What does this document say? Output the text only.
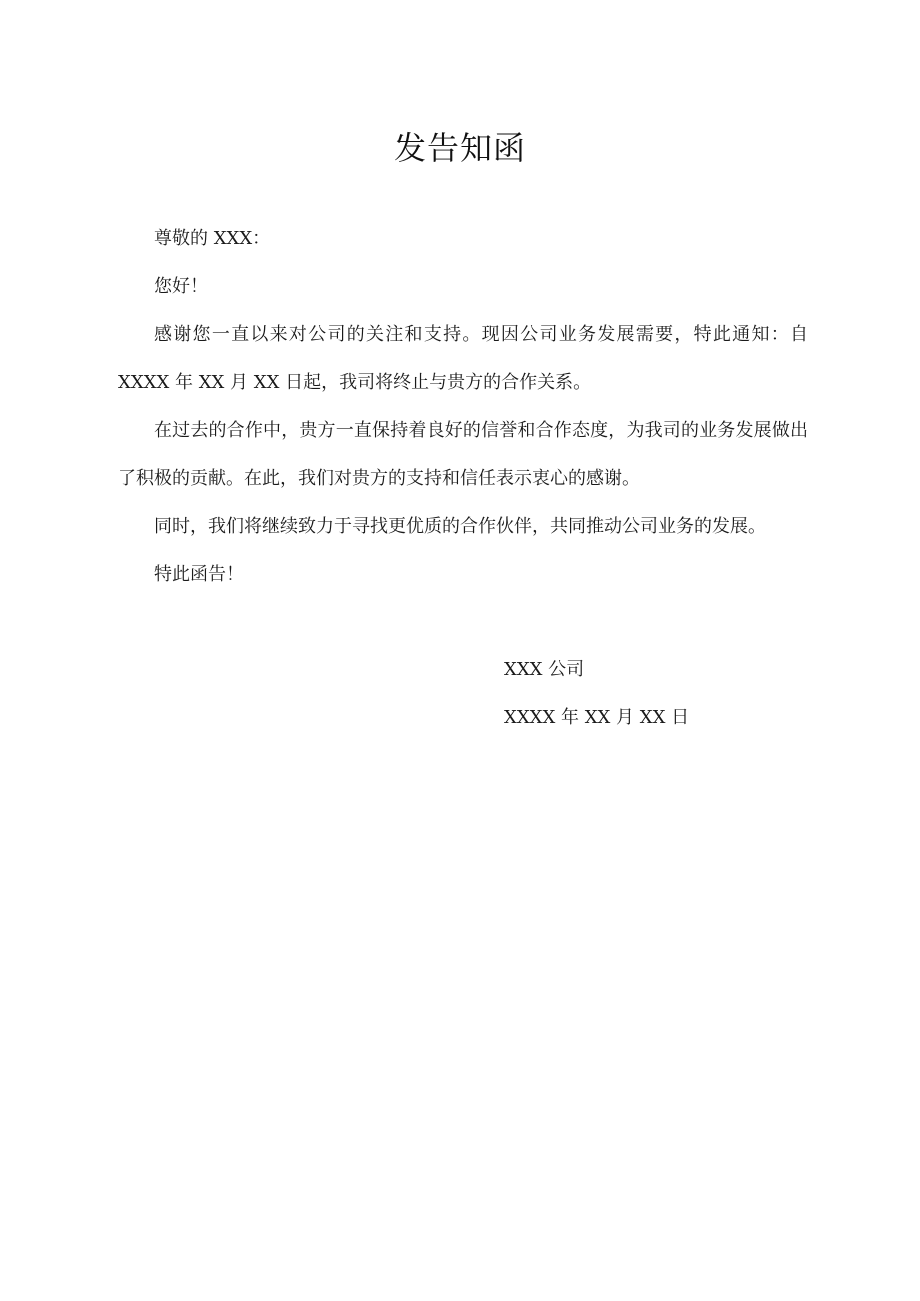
发告知函

尊敬的 XXX：

您好！

感谢您一直以来对公司的关注和支持。现因公司业务发展需要，特此通知：自 XXXX 年 XX 月 XX 日起，我司将终止与贵方的合作关系。

在过去的合作中，贵方一直保持着良好的信誉和合作态度，为我司的业务发展做出了积极的贡献。在此，我们对贵方的支持和信任表示衷心的感谢。

同时，我们将继续致力于寻找更优质的合作伙伴，共同推动公司业务的发展。

特此函告！

XXX 公司
XXXX 年 XX 月 XX 日
